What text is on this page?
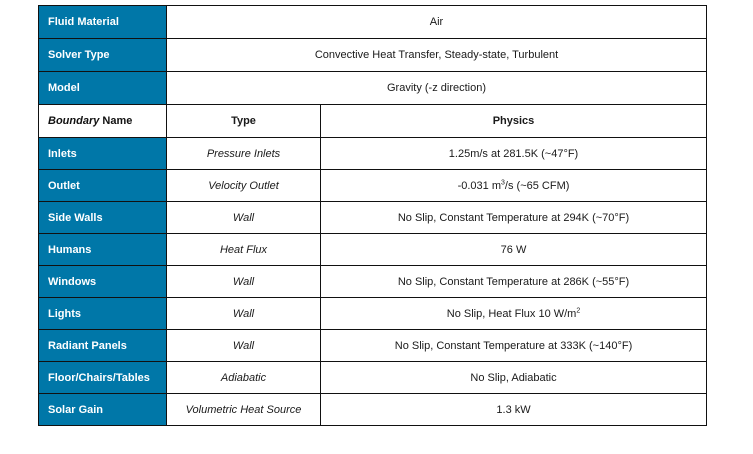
Fluid Material	Air	
Solver Type	Convective Heat Transfer, Steady-state, Turbulent	
Model	Gravity (-z direction)	
Boundary Name	Type	Physics
Inlets	Pressure Inlets	1.25m/s at 281.5K (~47°F)
Outlet	Velocity Outlet	-0.031 $m^3/s$ (~65 CFM)
Side Walls	Wall	No Slip, Constant Temperature at 294K (~70°F)
Humans	Heat Flux	76 W
Windows	Wall	No Slip, Constant Temperature at 286K (~55°F)
Lights	Wall	No Slip, Heat Flux 10 $W/m^2$
Radiant Panels	Wall	No Slip, Constant Temperature at 333K (~140°F)
Floor/Chairs/Tables	Adiabatic	No Slip, Adiabatic
Solar Gain	Volumetric Heat Source	1.3 kW
